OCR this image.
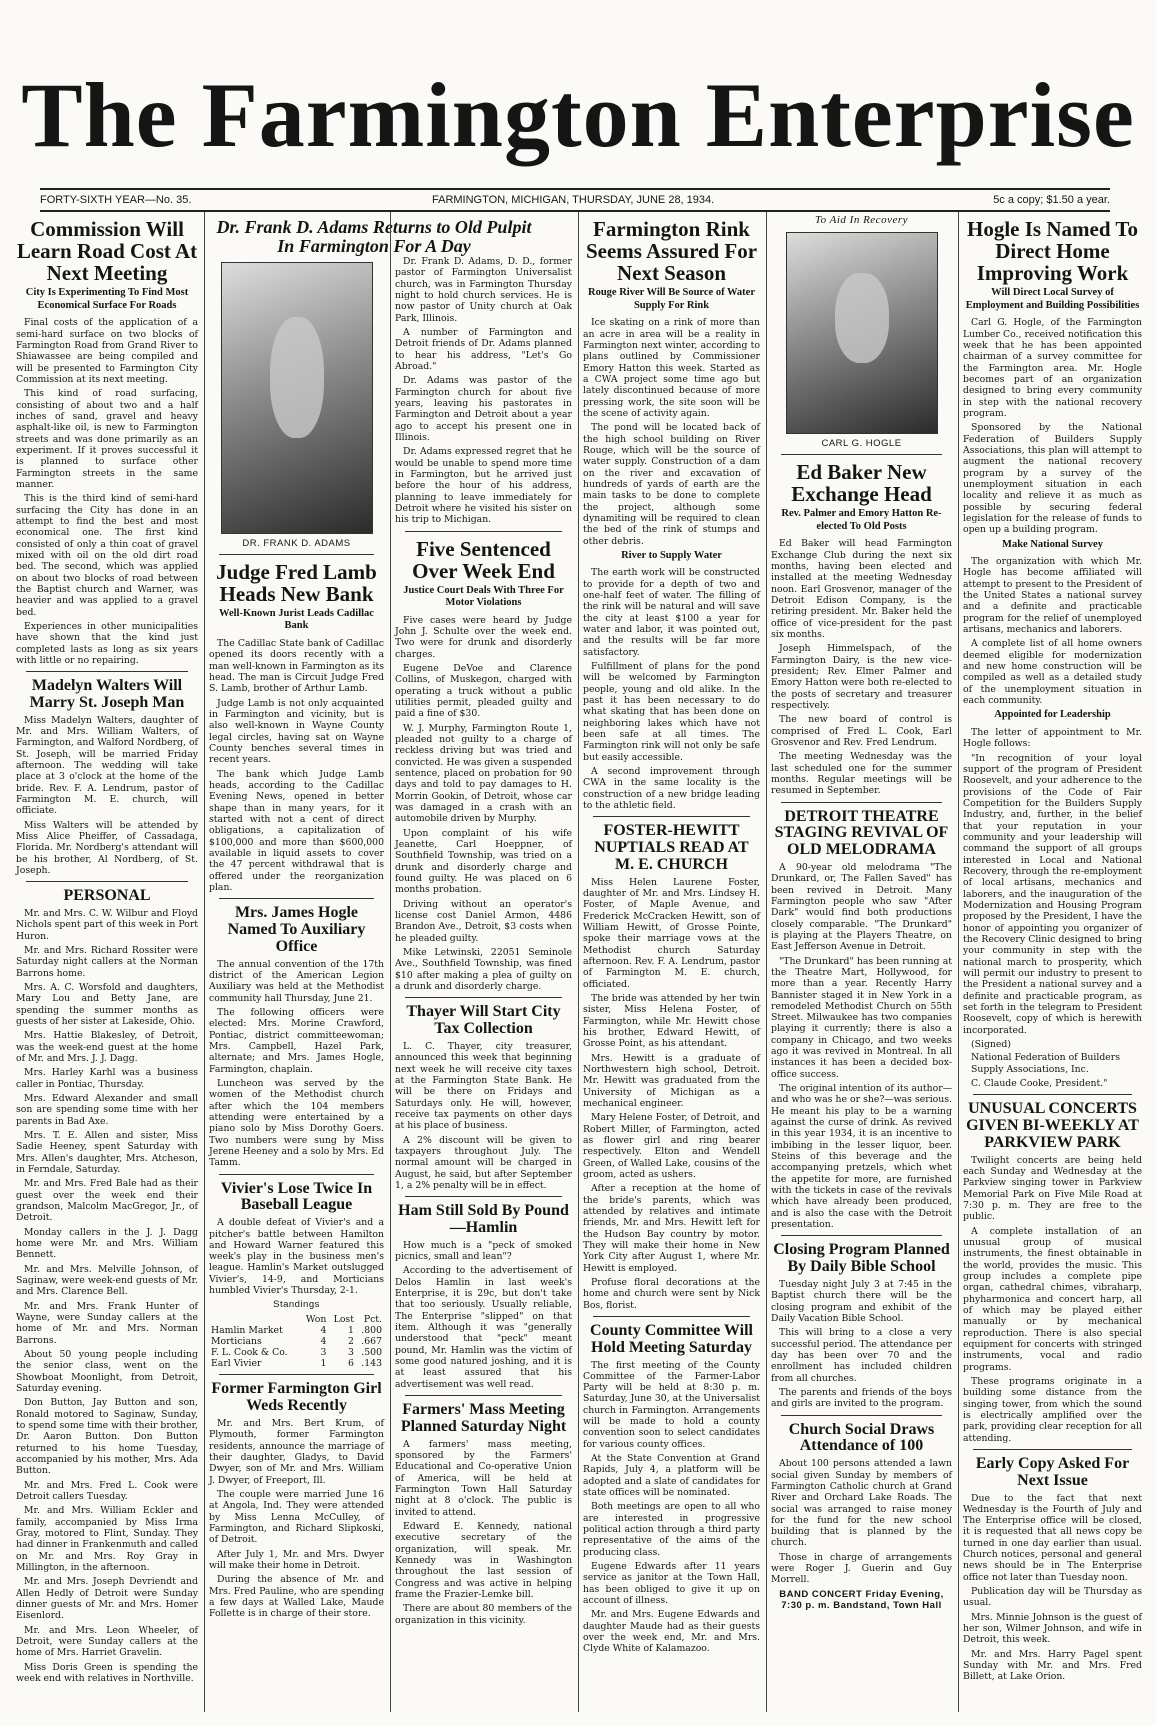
The Farmington Enterprise
FORTY-SIXTH YEAR—No. 35.	FARMINGTON, MICHIGAN, THURSDAY, JUNE 28, 1934.	5c a copy; $1.50 a year.
Commission Will Learn Road Cost At Next Meeting
City Is Experimenting To Find Most Economical Surface For Roads

Final costs of the application of a semi-hard surface on two blocks of Farmington Road from Grand River to Shiawassee are being compiled and will be presented to Farmington City Commission at its next meeting.

This kind of road surfacing, consisting of about two and a half inches of sand, gravel and heavy asphalt-like oil, is new to Farmington streets and was done primarily as an experiment. If it proves successful it is planned to surface other Farmington streets in the same manner.

This is the third kind of semi-hard surfacing the City has done in an attempt to find the best and most economical one. The first kind consisted of only a thin coat of gravel mixed with oil on the old dirt road bed. The second, which was applied on about two blocks of road between the Baptist church and Warner, was heavier and was applied to a gravel bed.

Experiences in other municipalities have shown that the kind just completed lasts as long as six years with little or no repairing.

Madelyn Walters Will Marry St. Joseph Man

Miss Madelyn Walters, daughter of Mr. and Mrs. William Walters, of Farmington, and Walford Nordberg, of St. Joseph, will be married Friday afternoon. The wedding will take place at 3 o'clock at the home of the bride. Rev. F. A. Lendrum, pastor of Farmington M. E. church, will officiate.

Miss Walters will be attended by Miss Alice Pheiffer, of Cassadaga, Florida. Mr. Nordberg's attendant will be his brother, Al Nordberg, of St. Joseph.

PERSONAL

Mr. and Mrs. C. W. Wilbur and Floyd Nichols spent part of this week in Port Huron.

Mr. and Mrs. Richard Rossiter were Saturday night callers at the Norman Barrons home.

Mrs. A. C. Worsfold and daughters, Mary Lou and Betty Jane, are spending the summer months as guests of her sister at Lakeside, Ohio.

Mrs. Hattie Blakesley, of Detroit, was the week-end guest at the home of Mr. and Mrs. J. J. Dagg.

Mrs. Harley Karhl was a business caller in Pontiac, Thursday.

Mrs. Edward Alexander and small son are spending some time with her parents in Bad Axe.

Mrs. T. E. Allen and sister, Miss Sadie Heeney, spent Saturday with Mrs. Allen's daughter, Mrs. Atcheson, in Ferndale, Saturday.

Mr. and Mrs. Fred Bale had as their guest over the week end their grandson, Malcolm MacGregor, Jr., of Detroit.

Monday callers in the J. J. Dagg home were Mr. and Mrs. William Bennett.

Mr. and Mrs. Melville Johnson, of Saginaw, were week-end guests of Mr. and Mrs. Clarence Bell.

Mr. and Mrs. Frank Hunter of Wayne, were Sunday callers at the home of Mr. and Mrs. Norman Barrons.

About 50 young people including the senior class, went on the Showboat Moonlight, from Detroit, Saturday evening.

Don Button, Jay Button and son, Ronald motored to Saginaw, Sunday, to spend some time with their brother, Dr. Aaron Button. Don Button returned to his home Tuesday, accompanied by his mother, Mrs. Ada Button.

Mr. and Mrs. Fred L. Cook were Detroit callers Tuesday.

Mr. and Mrs. William Eckler and family, accompanied by Miss Irma Gray, motored to Flint, Sunday. They had dinner in Frankenmuth and called on Mr. and Mrs. Roy Gray in Millington, in the afternoon.

Mr. and Mrs. Joseph Devriendt and Allen Hedly of Detroit were Sunday dinner guests of Mr. and Mrs. Homer Eisenlord.

Mr. and Mrs. Leon Wheeler, of Detroit, were Sunday callers at the home of Mrs. Harriet Gravelin.

Miss Doris Green is spending the week end with relatives in Northville.

Dr. Frank D. Adams Returns to Old Pulpit In Farmington For A Day
DR. FRANK D. ADAMS
Judge Fred Lamb Heads New Bank
Well-Known Jurist Leads Cadillac Bank

The Cadillac State bank of Cadillac opened its doors recently with a man well-known in Farmington as its head. The man is Circuit Judge Fred S. Lamb, brother of Arthur Lamb.

Judge Lamb is not only acquainted in Farmington and vicinity, but is also well-known in Wayne County legal circles, having sat on Wayne County benches several times in recent years.

The bank which Judge Lamb heads, according to the Cadillac Evening News, opened in better shape than in many years, for it started with not a cent of direct obligations, a capitalization of $100,000 and more than $600,000 available in liquid assets to cover the 47 percent withdrawal that is offered under the reorganization plan.

Mrs. James Hogle Named To Auxiliary Office

The annual convention of the 17th district of the American Legion Auxiliary was held at the Methodist community hall Thursday, June 21.

The following officers were elected: Mrs. Morine Crawford, Pontiac, district committeewoman; Mrs. Campbell, Hazel Park, alternate; and Mrs. James Hogle, Farmington, chaplain.

Luncheon was served by the women of the Methodist church after which the 104 members attending were entertained by a piano solo by Miss Dorothy Goers. Two numbers were sung by Miss Jerene Heeney and a solo by Mrs. Ed Tamm.

Vivier's Lose Twice In Baseball League

A double defeat of Vivier's and a pitcher's battle between Hamilton and Howard Warner featured this week's play in the business men's league. Hamlin's Market outslugged Vivier's, 14-9, and Morticians humbled Vivier's Thursday, 2-1.

Standings
	Won	Lost	Pct.
Hamlin Market	4	1	.800
Morticians	4	2	.667
F. L. Cook & Co.	3	3	.500
Earl Vivier	1	6	.143
Former Farmington Girl Weds Recently

Mr. and Mrs. Bert Krum, of Plymouth, former Farmington residents, announce the marriage of their daughter, Gladys, to David Dwyer, son of Mr. and Mrs. William J. Dwyer, of Freeport, Ill.

The couple were married June 16 at Angola, Ind. They were attended by Miss Lenna McCulley, of Farmington, and Richard Slipkoski, of Detroit.

After July 1, Mr. and Mrs. Dwyer will make their home in Detroit.

During the absence of Mr. and Mrs. Fred Pauline, who are spending a few days at Walled Lake, Maude Follette is in charge of their store.

Dr. Frank D. Adams, D. D., former pastor of Farmington Universalist church, was in Farmington Thursday night to hold church services. He is now pastor of Unity church at Oak Park, Illinois.

A number of Farmington and Detroit friends of Dr. Adams planned to hear his address, "Let's Go Abroad."

Dr. Adams was pastor of the Farmington church for about five years, leaving his pastorates in Farmington and Detroit about a year ago to accept his present one in Illinois.

Dr. Adams expressed regret that he would be unable to spend more time in Farmington, but he arrived just before the hour of his address, planning to leave immediately for Detroit where he visited his sister on his trip to Michigan.

Five Sentenced Over Week End
Justice Court Deals With Three For Motor Violations

Five cases were heard by Judge John J. Schulte over the week end. Two were for drunk and disorderly charges.

Eugene DeVoe and Clarence Collins, of Muskegon, charged with operating a truck without a public utilities permit, pleaded guilty and paid a fine of $30.

W. J. Murphy, Farmington Route 1, pleaded not guilty to a charge of reckless driving but was tried and convicted. He was given a suspended sentence, placed on probation for 90 days and told to pay damages to H. Morrin Gookin, of Detroit, whose car was damaged in a crash with an automobile driven by Murphy.

Upon complaint of his wife Jeanette, Carl Hoeppner, of Southfield Township, was tried on a drunk and disorderly charge and found guilty. He was placed on 6 months probation.

Driving without an operator's license cost Daniel Armon, 4486 Brandon Ave., Detroit, $3 costs when he pleaded guilty.

Mike Letwinski, 22051 Seminole Ave., Southfield Township, was fined $10 after making a plea of guilty on a drunk and disorderly charge.

Thayer Will Start City Tax Collection

L. C. Thayer, city treasurer, announced this week that beginning next week he will receive city taxes at the Farmington State Bank. He will be there on Fridays and Saturdays only. He will, however, receive tax payments on other days at his place of business.

A 2% discount will be given to taxpayers throughout July. The normal amount will be charged in August, he said, but after September 1, a 2% penalty will be in effect.

Ham Still Sold By Pound—Hamlin

How much is a "peck of smoked picnics, small and lean"?

According to the advertisement of Delos Hamlin in last week's Enterprise, it is 29c, but don't take that too seriously. Usually reliable, The Enterprise "slipped" on that item. Although it was "generally understood that "peck" meant pound, Mr. Hamlin was the victim of some good natured joshing, and it is at least assured that his advertisement was well read.

Farmers' Mass Meeting Planned Saturday Night

A farmers' mass meeting, sponsored by the Farmers' Educational and Co-operative Union of America, will be held at Farmington Town Hall Saturday night at 8 o'clock. The public is invited to attend.

Edward E. Kennedy, national executive secretary of the organization, will speak. Mr. Kennedy was in Washington throughout the last session of Congress and was active in helping frame the Frazier-Lemke bill.

There are about 80 members of the organization in this vicinity.

Farmington Rink Seems Assured For Next Season
Rouge River Will Be Source of Water Supply For Rink

Ice skating on a rink of more than an acre in area will be a reality in Farmington next winter, according to plans outlined by Commissioner Emory Hatton this week. Started as a CWA project some time ago but lately discontinued because of more pressing work, the site soon will be the scene of activity again.

The pond will be located back of the high school building on River Rouge, which will be the source of water supply. Construction of a dam on the river and excavation of hundreds of yards of earth are the main tasks to be done to complete the project, although some dynamiting will be required to clean the bed of the rink of stumps and other debris.

River to Supply Water

The earth work will be constructed to provide for a depth of two and one-half feet of water. The filling of the rink will be natural and will save the city at least $100 a year for water and labor, it was pointed out, and the results will be far more satisfactory.

Fulfillment of plans for the pond will be welcomed by Farmington people, young and old alike. In the past it has been necessary to do what skating that has been done on neighboring lakes which have not been safe at all times. The Farmington rink will not only be safe but easily accessible.

A second improvement through CWA in the same locality is the construction of a new bridge leading to the athletic field.

FOSTER-HEWITT NUPTIALS READ AT M. E. CHURCH

Miss Helen Laurene Foster, daughter of Mr. and Mrs. Lindsey H. Foster, of Maple Avenue, and Frederick McCracken Hewitt, son of William Hewitt, of Grosse Pointe, spoke their marriage vows at the Methodist church Saturday afternoon. Rev. F. A. Lendrum, pastor of Farmington M. E. church, officiated.

The bride was attended by her twin sister, Miss Helena Foster, of Farmington, while Mr. Hewitt chose his brother, Edward Hewitt, of Grosse Point, as his attendant.

Mrs. Hewitt is a graduate of Northwestern high school, Detroit. Mr. Hewitt was graduated from the University of Michigan as a mechanical engineer.

Mary Helene Foster, of Detroit, and Robert Miller, of Farmington, acted as flower girl and ring bearer respectively. Elton and Wendell Green, of Walled Lake, cousins of the groom, acted as ushers.

After a reception at the home of the bride's parents, which was attended by relatives and intimate friends, Mr. and Mrs. Hewitt left for the Hudson Bay country by motor. They will make their home in New York City after August 1, where Mr. Hewitt is employed.

Profuse floral decorations at the home and church were sent by Nick Bos, florist.

County Committee Will Hold Meeting Saturday

The first meeting of the County Committee of the Farmer-Labor Party will be held at 8:30 p. m. Saturday, June 30, at the Universalist church in Farmington. Arrangements will be made to hold a county convention soon to select candidates for various county offices.

At the State Convention at Grand Rapids, July 4, a platform will be adopted and a slate of candidates for state offices will be nominated.

Both meetings are open to all who are interested in progressive political action through a third party representative of the aims of the producing class.

Eugene Edwards after 11 years service as janitor at the Town Hall, has been obliged to give it up on account of illness.

Mr. and Mrs. Eugene Edwards and daughter Maude had as their guests over the week end, Mr. and Mrs. Clyde White of Kalamazoo.

To Aid In Recovery
CARL G. HOGLE
Ed Baker New Exchange Head
Rev. Palmer and Emory Hatton Re-elected To Old Posts

Ed Baker will head Farmington Exchange Club during the next six months, having been elected and installed at the meeting Wednesday noon. Earl Grosvenor, manager of the Detroit Edison Company, is the retiring president. Mr. Baker held the office of vice-president for the past six months.

Joseph Himmelspach, of the Farmington Dairy, is the new vice-president; Rev. Elmer Palmer and Emory Hatton were both re-elected to the posts of secretary and treasurer respectively.

The new board of control is comprised of Fred L. Cook, Earl Grosvenor and Rev. Fred Lendrum.

The meeting Wednesday was the last scheduled one for the summer months. Regular meetings will be resumed in September.

DETROIT THEATRE STAGING REVIVAL OF OLD MELODRAMA

A 90-year old melodrama "The Drunkard, or, The Fallen Saved" has been revived in Detroit. Many Farmington people who saw "After Dark" would find both productions closely comparable. "The Drunkard" is playing at the Players Theatre, on East Jefferson Avenue in Detroit.

"The Drunkard" has been running at the Theatre Mart, Hollywood, for more than a year. Recently Harry Bannister staged it in New York in a remodeled Methodist Church on 55th Street. Milwaukee has two companies playing it currently; there is also a company in Chicago, and two weeks ago it was revived in Montreal. In all instances it has been a decided box-office success.

The original intention of its author—and who was he or she?—was serious. He meant his play to be a warning against the curse of drink. As revived in this year 1934, it is an incentive to imbibing in the lesser liquor, beer. Steins of this beverage and the accompanying pretzels, which whet the appetite for more, are furnished with the tickets in case of the revivals which have already been produced, and is also the case with the Detroit presentation.

Closing Program Planned By Daily Bible School

Tuesday night July 3 at 7:45 in the Baptist church there will be the closing program and exhibit of the Daily Vacation Bible School.

This will bring to a close a very successful period. The attendance per day has been over 70 and the enrollment has included children from all churches.

The parents and friends of the boys and girls are invited to the program.

Church Social Draws Attendance of 100

About 100 persons attended a lawn social given Sunday by members of Farmington Catholic church at Grand River and Orchard Lake Roads. The social was arranged to raise money for the fund for the new school building that is planned by the church.

Those in charge of arrangements were Roger J. Guerin and Guy Morrell.

BAND CONCERT Friday Evening, 7:30 p. m. Bandstand, Town Hall
Hogle Is Named To Direct Home Improving Work
Will Direct Local Survey of Employment and Building Possibilities

Carl G. Hogle, of the Farmington Lumber Co., received notification this week that he has been appointed chairman of a survey committee for the Farmington area. Mr. Hogle becomes part of an organization designed to bring every community in step with the national recovery program.

Sponsored by the National Federation of Builders Supply Associations, this plan will attempt to augment the national recovery program by a survey of the unemployment situation in each locality and relieve it as much as possible by securing federal legislation for the release of funds to open up a building program.

Make National Survey

The organization with which Mr. Hogle has become affiliated will attempt to present to the President of the United States a national survey and a definite and practicable program for the relief of unemployed artisans, mechanics and laborers.

A complete list of all home owners deemed eligible for modernization and new home construction will be compiled as well as a detailed study of the unemployment situation in each community.

Appointed for Leadership

The letter of appointment to Mr. Hogle follows:

"In recognition of your loyal support of the program of President Roosevelt, and your adherence to the provisions of the Code of Fair Competition for the Builders Supply Industry, and, further, in the belief that your reputation in your community and your leadership will command the support of all groups interested in Local and National Recovery, through the re-employment of local artisans, mechanics and laborers, and the inauguration of the Modernization and Housing Program proposed by the President, I have the honor of appointing you organizer of the Recovery Clinic designed to bring your community in step with the national march to prosperity, which will permit our industry to present to the President a national survey and a definite and practicable program, as set forth in the telegram to President Roosevelt, copy of which is herewith incorporated.

(Signed)
National Federation of Builders Supply Associations, Inc.
C. Claude Cooke, President."
UNUSUAL CONCERTS GIVEN BI-WEEKLY AT PARKVIEW PARK

Twilight concerts are being held each Sunday and Wednesday at the Parkview singing tower in Parkview Memorial Park on Five Mile Road at 7:30 p. m. They are free to the public.

A complete installation of an unusual group of musical instruments, the finest obtainable in the world, provides the music. This group includes a complete pipe organ, cathedral chimes, vibraharp, phyharmonica and concert harp, all of which may be played either manually or by mechanical reproduction. There is also special equipment for concerts with stringed instruments, vocal and radio programs.

These programs originate in a building some distance from the singing tower, from which the sound is electrically amplified over the park, providing clear reception for all attending.

Early Copy Asked For Next Issue

Due to the fact that next Wednesday is the Fourth of July and The Enterprise office will be closed, it is requested that all news copy be turned in one day earlier than usual. Church notices, personal and general news should be in The Enterprise office not later than Tuesday noon.

Publication day will be Thursday as usual.

Mrs. Minnie Johnson is the guest of her son, Wilmer Johnson, and wife in Detroit, this week.

Mr. and Mrs. Harry Pagel spent Sunday with Mr. and Mrs. Fred Billett, at Lake Orion.
